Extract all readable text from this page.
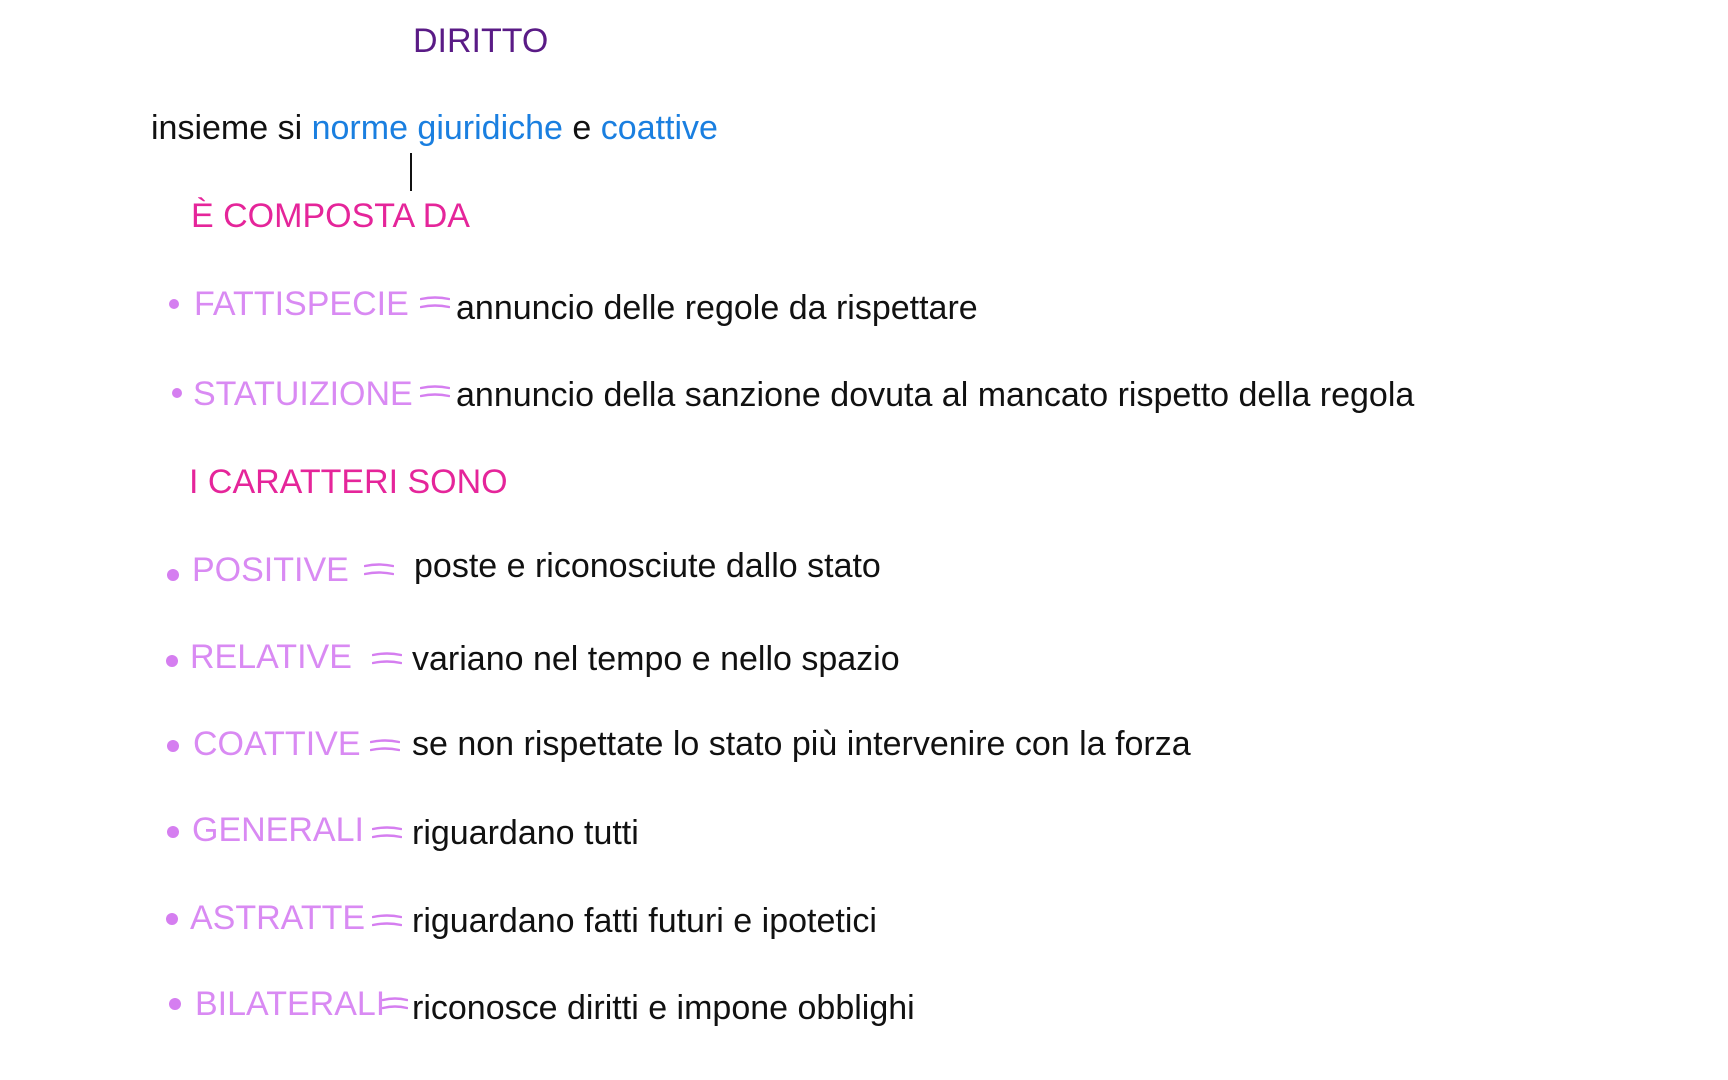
DIRITTO
insieme si norme giuridiche e coattive
È COMPOSTA DA
FATTISPECIE annuncio delle regole da rispettare
STATUIZIONE annuncio della sanzione dovuta al mancato rispetto della regola
I CARATTERI SONO
POSITIVE poste e riconosciute dallo stato
RELATIVE variano nel tempo e nello spazio
COATTIVE se non rispettate lo stato più intervenire con la forza
GENERALI riguardano tutti
ASTRATTE riguardano fatti futuri e ipotetici
BILATERALI riconosce diritti e impone obblighi
